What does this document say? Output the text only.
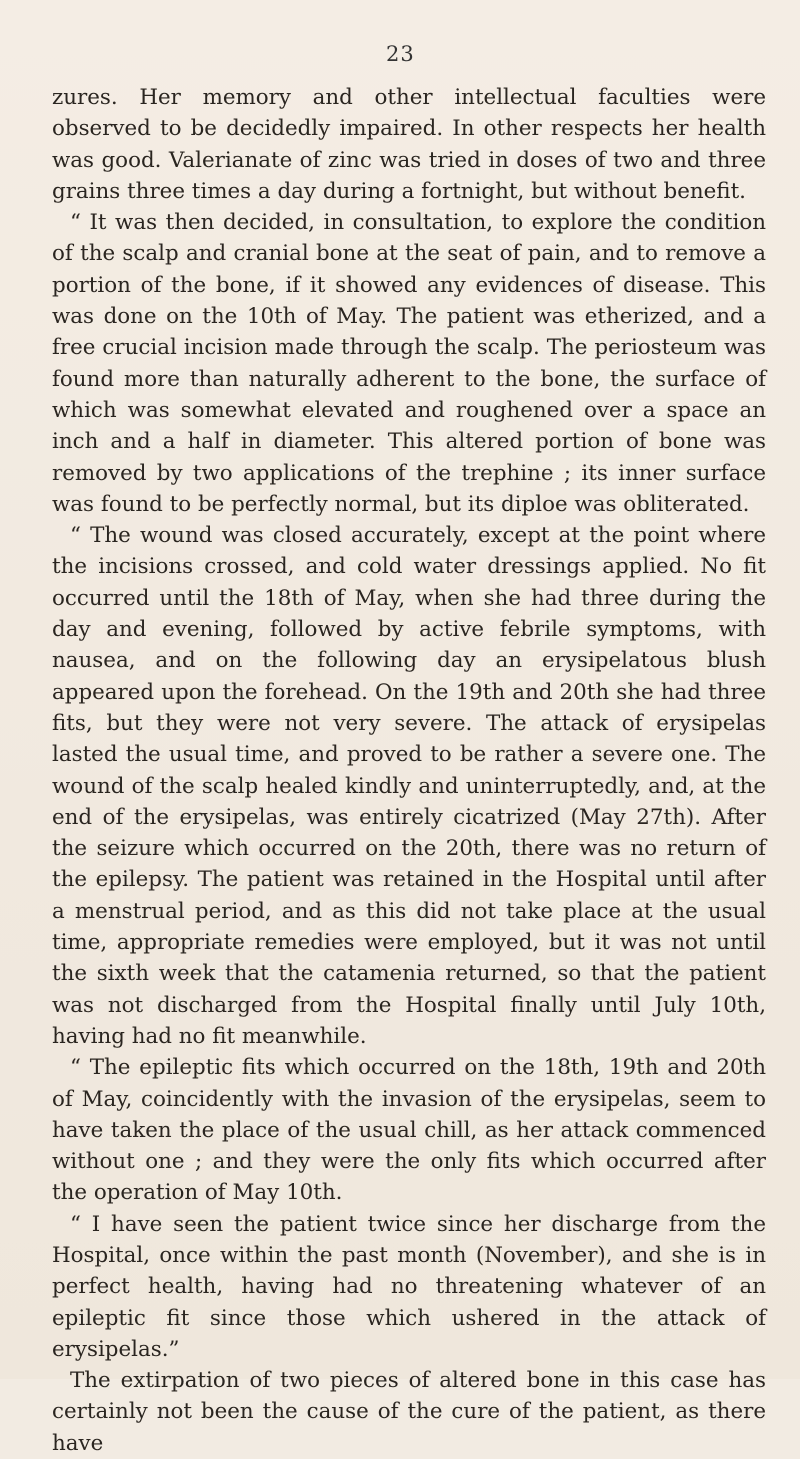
23

zures. Her memory and other intellectual faculties were observed to be decidedly impaired. In other respects her health was good. Valerianate of zinc was tried in doses of two and three grains three times a day during a fortnight, but without benefit.

“ It was then decided, in consultation, to explore the condition of the scalp and cranial bone at the seat of pain, and to remove a portion of the bone, if it showed any evidences of disease. This was done on the 10th of May. The patient was etherized, and a free crucial incision made through the scalp. The periosteum was found more than naturally adherent to the bone, the surface of which was somewhat elevated and roughened over a space an inch and a half in diameter. This altered portion of bone was removed by two applications of the trephine ; its inner surface was found to be perfectly normal, but its diploe was obliterated.

“ The wound was closed accurately, except at the point where the incisions crossed, and cold water dressings applied. No fit occurred until the 18th of May, when she had three during the day and evening, followed by active febrile symptoms, with nausea, and on the following day an erysipelatous blush appeared upon the forehead. On the 19th and 20th she had three fits, but they were not very severe. The attack of erysipelas lasted the usual time, and proved to be rather a severe one. The wound of the scalp healed kindly and uninterruptedly, and, at the end of the erysipelas, was entirely cicatrized (May 27th). After the seizure which occurred on the 20th, there was no return of the epilepsy. The patient was retained in the Hospital until after a menstrual period, and as this did not take place at the usual time, appropriate remedies were employed, but it was not until the sixth week that the catamenia returned, so that the patient was not discharged from the Hospital finally until July 10th, having had no fit meanwhile.

“ The epileptic fits which occurred on the 18th, 19th and 20th of May, coincidently with the invasion of the erysipelas, seem to have taken the place of the usual chill, as her attack commenced without one ; and they were the only fits which occurred after the operation of May 10th.

“ I have seen the patient twice since her discharge from the Hospital, once within the past month (November), and she is in perfect health, having had no threatening whatever of an epileptic fit since those which ushered in the attack of erysipelas.”

The extirpation of two pieces of altered bone in this case has certainly not been the cause of the cure of the patient, as there have
